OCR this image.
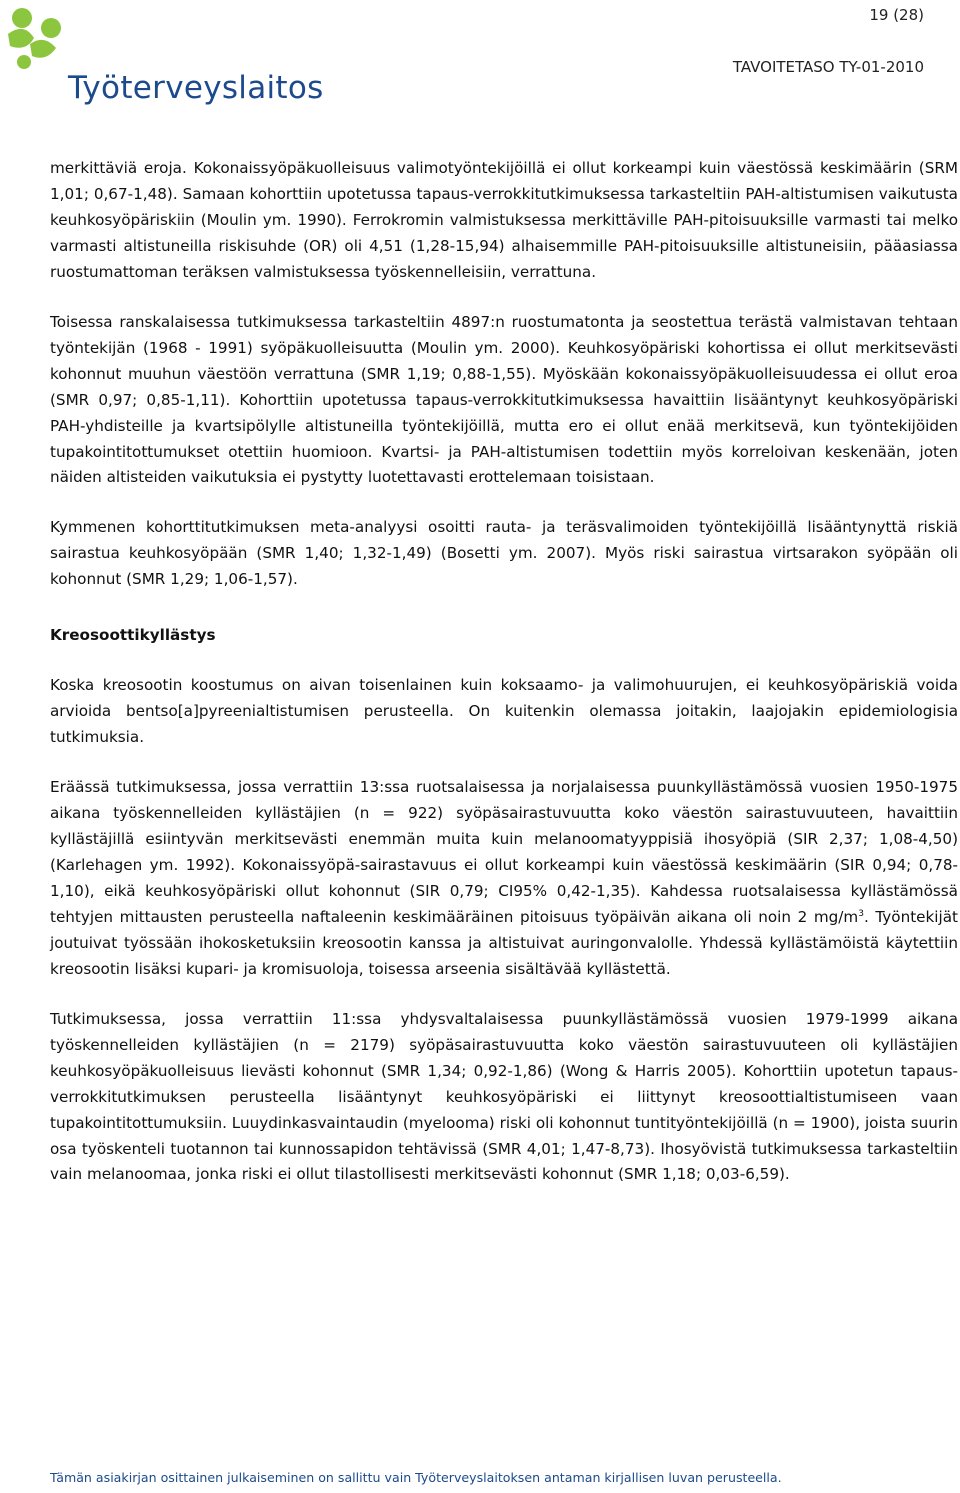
Työterveyslaitos
19 (28)
TAVOITETASO TY-01-2010

merkittäviä eroja. Kokonaissyöpäkuolleisuus valimotyöntekijöillä ei ollut korkeampi kuin väestössä keskimäärin (SRM 1,01; 0,67-1,48). Samaan kohorttiin upotetussa tapaus-verrokkitutkimuksessa tarkasteltiin PAH-altistumisen vaikutusta keuhkosyöpäriskiin (Moulin ym. 1990). Ferrokromin valmistuksessa merkittäville PAH-pitoisuuksille varmasti tai melko varmasti altistuneilla riskisuhde (OR) oli 4,51 (1,28-15,94) alhaisemmille PAH-pitoisuuksille altistuneisiin, pääasiassa ruostumattoman teräksen valmistuksessa työskennelleisiin, verrattuna.

Toisessa ranskalaisessa tutkimuksessa tarkasteltiin 4897:n ruostumatonta ja seostettua terästä valmistavan tehtaan työntekijän (1968 - 1991) syöpäkuolleisuutta (Moulin ym. 2000). Keuhkosyöpäriski kohortissa ei ollut merkitsevästi kohonnut muuhun väestöön verrattuna (SMR 1,19; 0,88-1,55). Myöskään kokonaissyöpäkuolleisuudessa ei ollut eroa (SMR 0,97; 0,85-1,11). Kohorttiin upotetussa tapaus-verrokkitutkimuksessa havaittiin lisääntynyt keuhkosyöpäriski PAH-yhdisteille ja kvartsipölylle altistuneilla työntekijöillä, mutta ero ei ollut enää merkitsevä, kun työntekijöiden tupakointitottumukset otettiin huomioon. Kvartsi- ja PAH-altistumisen todettiin myös korreloivan keskenään, joten näiden altisteiden vaikutuksia ei pystytty luotettavasti erottelemaan toisistaan.

Kymmenen kohorttitutkimuksen meta-analyysi osoitti rauta- ja teräsvalimoiden työntekijöillä lisääntynyttä riskiä sairastua keuhkosyöpään (SMR 1,40; 1,32-1,49) (Bosetti ym. 2007). Myös riski sairastua virtsarakon syöpään oli kohonnut (SMR 1,29; 1,06-1,57).

Kreosoottikyllästys

Koska kreosootin koostumus on aivan toisenlainen kuin koksaamo- ja valimohuurujen, ei keuhkosyöpäriskiä voida arvioida bentso[a]pyreenialtistumisen perusteella. On kuitenkin olemassa joitakin, laajojakin epidemiologisia tutkimuksia.

Eräässä tutkimuksessa, jossa verrattiin 13:ssa ruotsalaisessa ja norjalaisessa puunkyllästämössä vuosien 1950-1975 aikana työskennelleiden kyllästäjien (n = 922) syöpäsairastuvuutta koko väestön sairastuvuuteen, havaittiin kyllästäjillä esiintyvän merkitsevästi enemmän muita kuin melanoomatyyppisiä ihosyöpiä (SIR 2,37; 1,08-4,50) (Karlehagen ym. 1992). Kokonaissyöpä-sairastavuus ei ollut korkeampi kuin väestössä keskimäärin (SIR 0,94; 0,78-1,10), eikä keuhkosyöpäriski ollut kohonnut (SIR 0,79; CI95% 0,42-1,35). Kahdessa ruotsalaisessa kyllästämössä tehtyjen mittausten perusteella naftaleenin keskimääräinen pitoisuus työpäivän aikana oli noin 2 $mg/m^3$. Työntekijät joutuivat työssään ihokosketuksiin kreosootin kanssa ja altistuivat auringonvalolle. Yhdessä kyllästämöistä käytettiin kreosootin lisäksi kupari- ja kromisuoloja, toisessa arseenia sisältävää kyllästettä.

Tutkimuksessa, jossa verrattiin 11:ssa yhdysvaltalaisessa puunkyllästämössä vuosien 1979-1999 aikana työskennelleiden kyllästäjien (n = 2179) syöpäsairastuvuutta koko väestön sairastuvuuteen oli kyllästäjien keuhkosyöpäkuolleisuus lievästi kohonnut (SMR 1,34; 0,92-1,86) (Wong & Harris 2005). Kohorttiin upotetun tapaus-verrokkitutkimuksen perusteella lisääntynyt keuhkosyöpäriski ei liittynyt kreosoottialtistumiseen vaan tupakointitottumuksiin. Luuydinkasvaintaudin (myelooma) riski oli kohonnut tuntityöntekijöillä (n = 1900), joista suurin osa työskenteli tuotannon tai kunnossapidon tehtävissä (SMR 4,01; 1,47-8,73). Ihosyövistä tutkimuksessa tarkasteltiin vain melanoomaa, jonka riski ei ollut tilastollisesti merkitsevästi kohonnut (SMR 1,18; 0,03-6,59).

Tämän asiakirjan osittainen julkaiseminen on sallittu vain Työterveyslaitoksen antaman kirjallisen luvan perusteella.
